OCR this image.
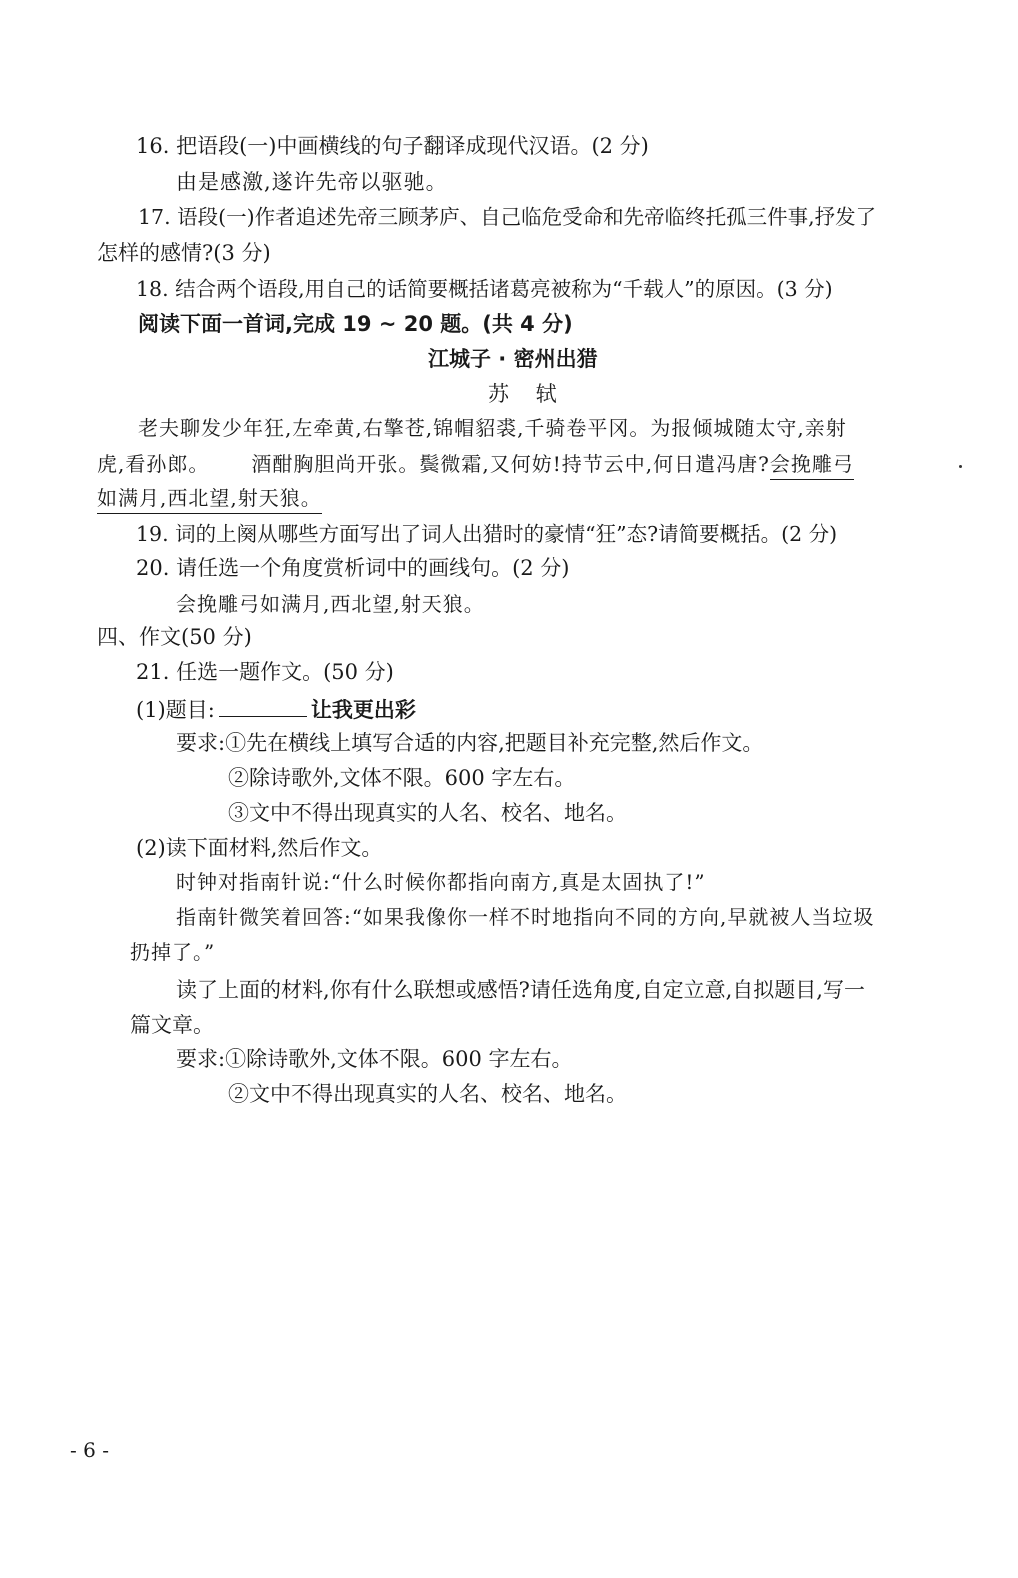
16. 把语段(一)中画横线的句子翻译成现代汉语。(2 分)
由是感激,遂许先帝以驱驰。
17. 语段(一)作者追述先帝三顾茅庐、自己临危受命和先帝临终托孤三件事,抒发了
怎样的感情?(3 分)
18. 结合两个语段,用自己的话简要概括诸葛亮被称为“千载人”的原因。(3 分)
阅读下面一首词,完成 19 ~ 20 题。(共 4 分)
江城子 · 密州出猎
苏 轼
老夫聊发少年狂,左牵黄,右擎苍,锦帽貂裘,千骑卷平冈。为报倾城随太守,亲射
虎,看孙郎。 酒酣胸胆尚开张。鬓微霜,又何妨!持节云中,何日遣冯唐?会挽雕弓
如满月,西北望,射天狼。
19. 词的上阕从哪些方面写出了词人出猎时的豪情“狂”态?请简要概括。(2 分)
20. 请任选一个角度赏析词中的画线句。(2 分)
会挽雕弓如满月,西北望,射天狼。
四、作文(50 分)
21. 任选一题作文。(50 分)
(1)题目:	让我更出彩
要求:①先在横线上填写合适的内容,把题目补充完整,然后作文。
②除诗歌外,文体不限。600 字左右。
③文中不得出现真实的人名、校名、地名。
(2)读下面材料,然后作文。
时钟对指南针说:“什么时候你都指向南方,真是太固执了!”
指南针微笑着回答:“如果我像你一样不时地指向不同的方向,早就被人当垃圾
扔掉了。”
读了上面的材料,你有什么联想或感悟?请任选角度,自定立意,自拟题目,写一
篇文章。
要求:①除诗歌外,文体不限。600 字左右。
②文中不得出现真实的人名、校名、地名。
- 6 -
